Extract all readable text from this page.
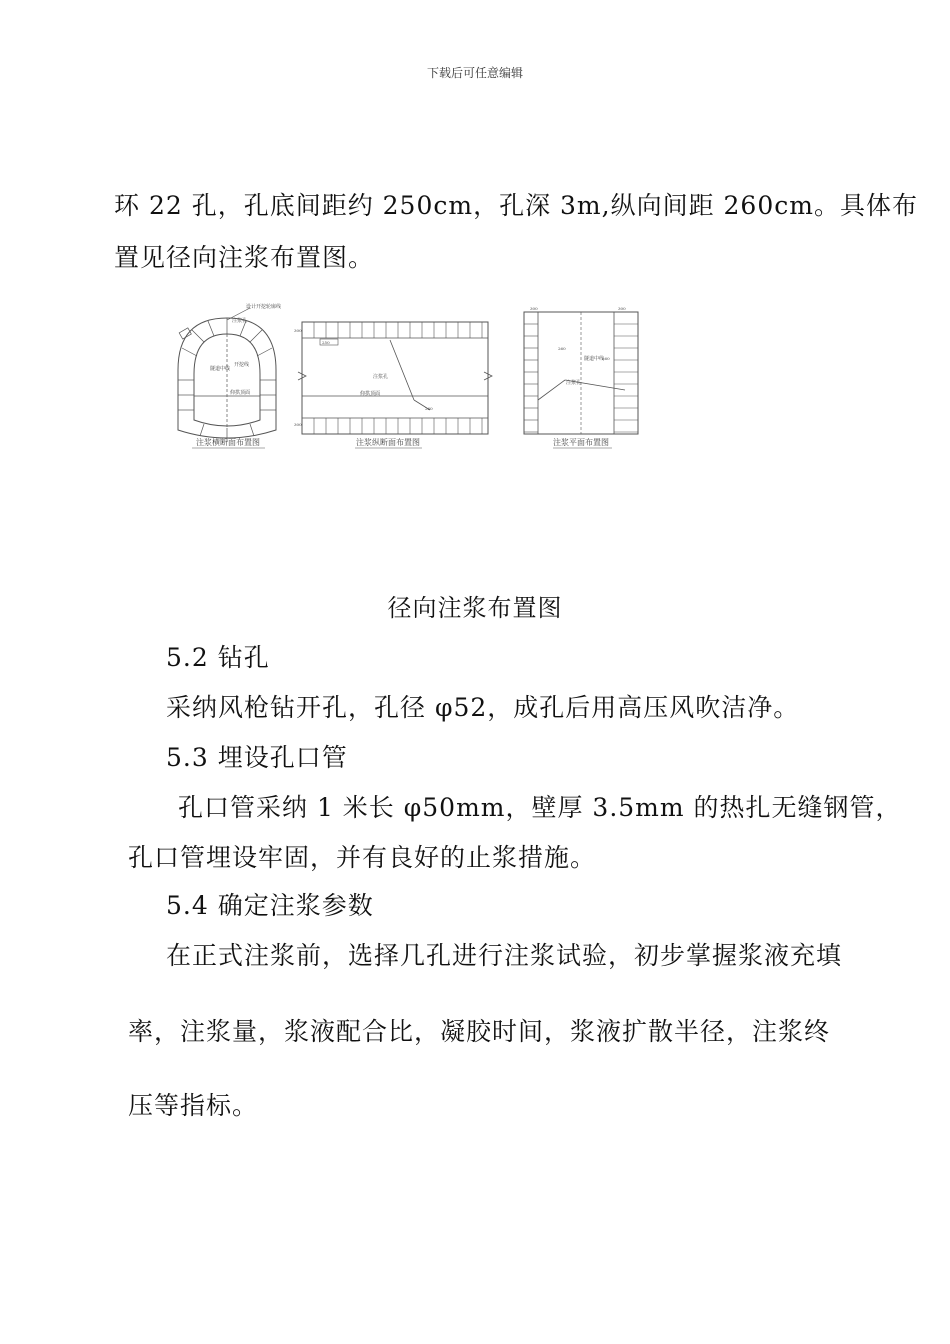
下载后可任意编辑
环 22 孔，孔底间距约 250cm，孔深 3m,纵向间距 260cm。具体布
置见径向注浆布置图。
设计开挖轮廓线
注浆孔
隧道中线
开挖线
仰拱顶面
注浆孔
仰拱顶面
300
300
250
260
300	300
隧道中线
注浆孔
260
260
注浆横断面布置图	注浆纵断面布置图	注浆平面布置图
径向注浆布置图
5.2 钻孔
采纳风枪钻开孔，孔径 φ52，成孔后用高压风吹洁净。
5.3 埋设孔口管
孔口管采纳 1 米长 φ50mm，壁厚 3.5mm 的热扎无缝钢管，
孔口管埋设牢固，并有良好的止浆措施。
5.4 确定注浆参数
在正式注浆前，选择几孔进行注浆试验，初步掌握浆液充填
率，注浆量，浆液配合比，凝胶时间，浆液扩散半径，注浆终
压等指标。
